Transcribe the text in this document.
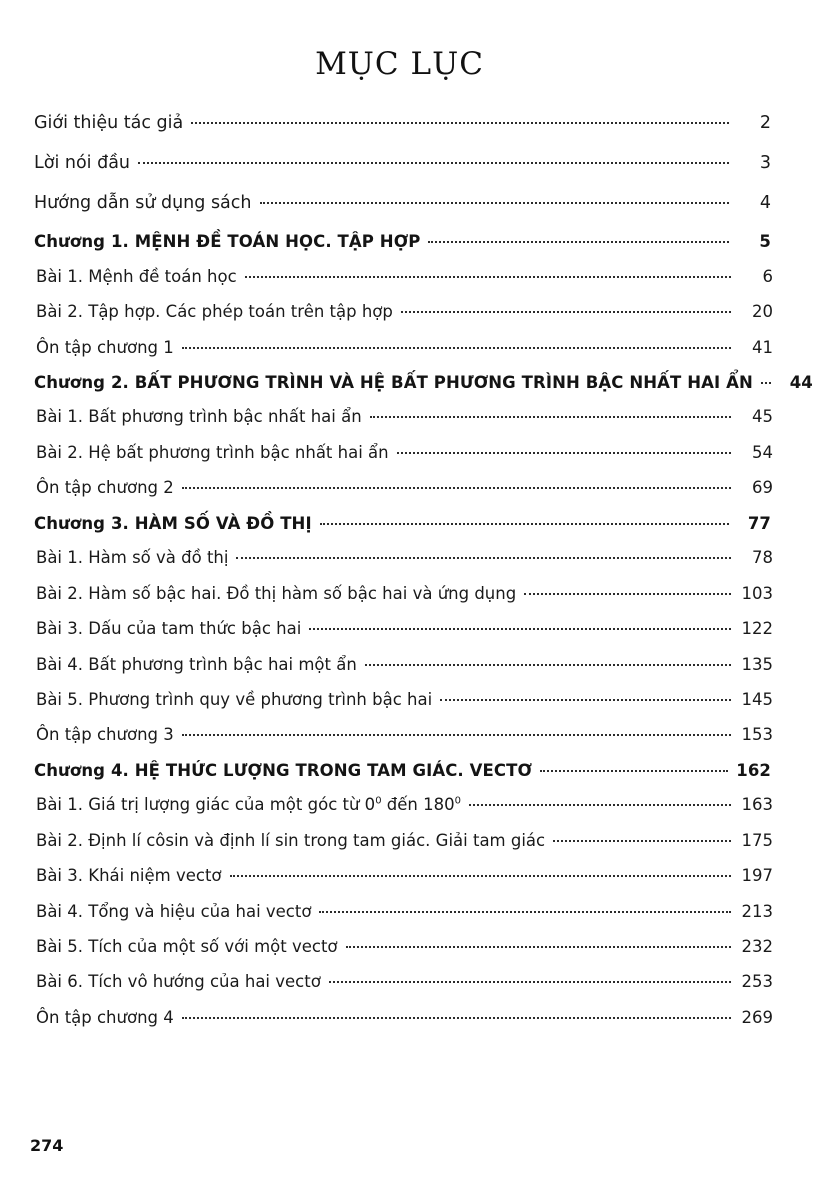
MỤC LỤC
Giới thiệu tác giả	2
Lời nói đầu	3
Hướng dẫn sử dụng sách	4
Chương 1. MỆNH ĐỀ TOÁN HỌC. TẬP HỢP	5
Bài 1. Mệnh đề toán học	6
Bài 2. Tập hợp. Các phép toán trên tập hợp	20
Ôn tập chương 1	41
Chương 2. BẤT PHƯƠNG TRÌNH VÀ HỆ BẤT PHƯƠNG TRÌNH BẬC NHẤT HAI ẨN	44
Bài 1. Bất phương trình bậc nhất hai ẩn	45
Bài 2. Hệ bất phương trình bậc nhất hai ẩn	54
Ôn tập chương 2	69
Chương 3. HÀM SỐ VÀ ĐỒ THỊ	77
Bài 1. Hàm số và đồ thị	78
Bài 2. Hàm số bậc hai. Đồ thị hàm số bậc hai và ứng dụng	103
Bài 3. Dấu của tam thức bậc hai	122
Bài 4. Bất phương trình bậc hai một ẩn	135
Bài 5. Phương trình quy về phương trình bậc hai	145
Ôn tập chương 3	153
Chương 4. HỆ THỨC LƯỢNG TRONG TAM GIÁC. VECTƠ	162
Bài 1. Giá trị lượng giác của một góc từ $0^0$ đến $180^0$	163
Bài 2. Định lí côsin và định lí sin trong tam giác. Giải tam giác	175
Bài 3. Khái niệm vectơ	197
Bài 4. Tổng và hiệu của hai vectơ	213
Bài 5. Tích của một số với một vectơ	232
Bài 6. Tích vô hướng của hai vectơ	253
Ôn tập chương 4	269
274
